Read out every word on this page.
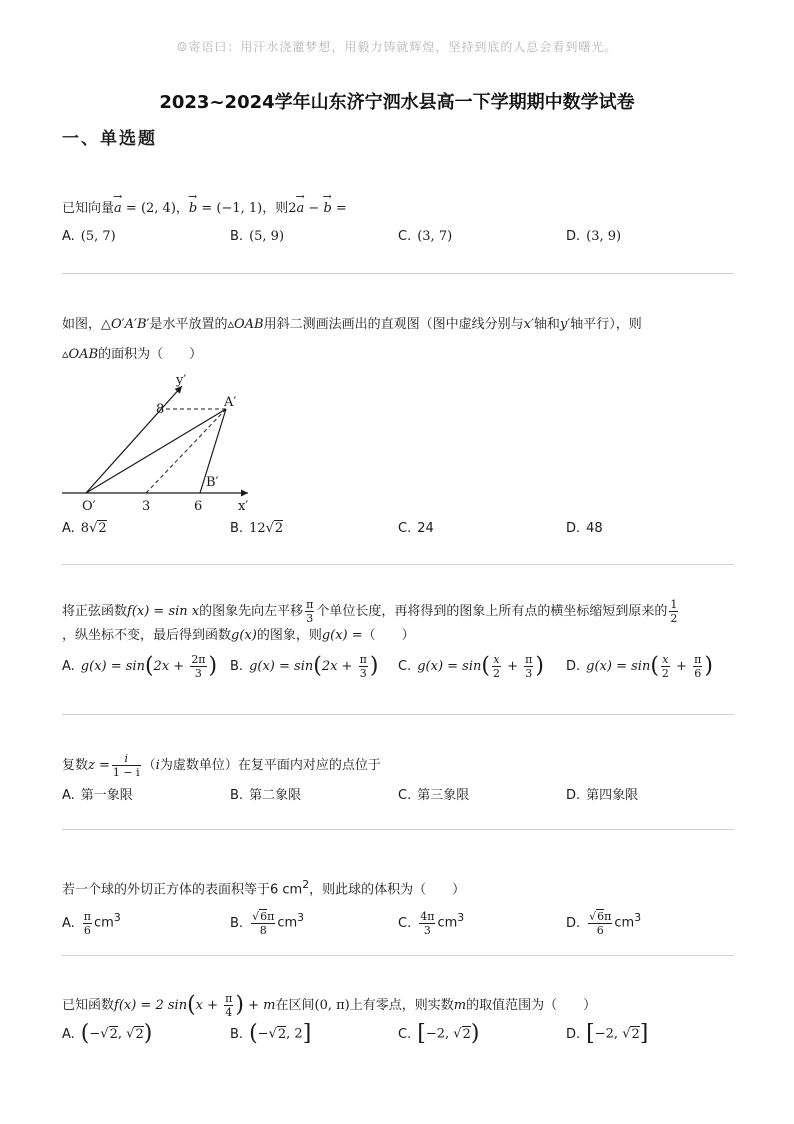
☺寄语曰：用汗水浇灌梦想，用毅力铸就辉煌，坚持到底的人总会看到曙光。
2023~2024学年山东济宁泗水县高一下学期期中数学试卷
一、单选题
已知向量→ a = (2, 4)，→ b = (−1, 1)，则2→ a − → b =
A. (5, 7)	B. (5, 9)	C. (3, 7)	D. (3, 9)
如图，△O′A′B′是水平放置的▵OAB用斜二测画法画出的直观图（图中虚线分别与x′轴和y′轴平行），则
▵OAB的面积为（　　）
y′
x′
O′
A′
B′
8
3	6
A. 8√2	B. 12√2	C. 24	D. 48
将正弦函数f(x) = sin x的图象先向左平移 $\frac{\pi}{3}$ 个单位长度，再将得到的图象上所有点的横坐标缩短到原来的 $\frac{1}{2}$
，纵坐标不变，最后得到函数g(x)的图象，则g(x) =（　　）
A. $g(x) = \sin(2x + \frac{2\pi}{3}$ ) B. $g(x) = \sin(2x + \frac{\pi}{3}$ ) C. $g(x) = \sin( \frac{x}{2} + \frac{\pi}{3}$ ) D. $g(x) = \sin( \frac{x}{2} + \frac{\pi}{6}$ )
复数$z = \frac{i}{1 - i} (i$为虚数单位）在复平面内对应的点位于
A. 第一象限	B. 第二象限	C. 第三象限	D. 第四象限
若一个球的外切正方体的表面积等于6 $cm^2$，则此球的体积为（　　）
A. $\frac{\pi}{6} cm^3$	B. $\frac{√6\pi}{8} cm^3$	C. $\frac{4\pi}{3} cm^3$	D. $\frac{√6\pi}{6} cm^3$
已知函数f(x) = 2 $\sin(x + \frac{\pi}{4}$ ) + m在区间(0, π)上有零点，则实数m的取值范围为（　　）
A. (−√2, √2)	B. (−√2, 2]	C. [−2, √2)	D. [−2, √2]
